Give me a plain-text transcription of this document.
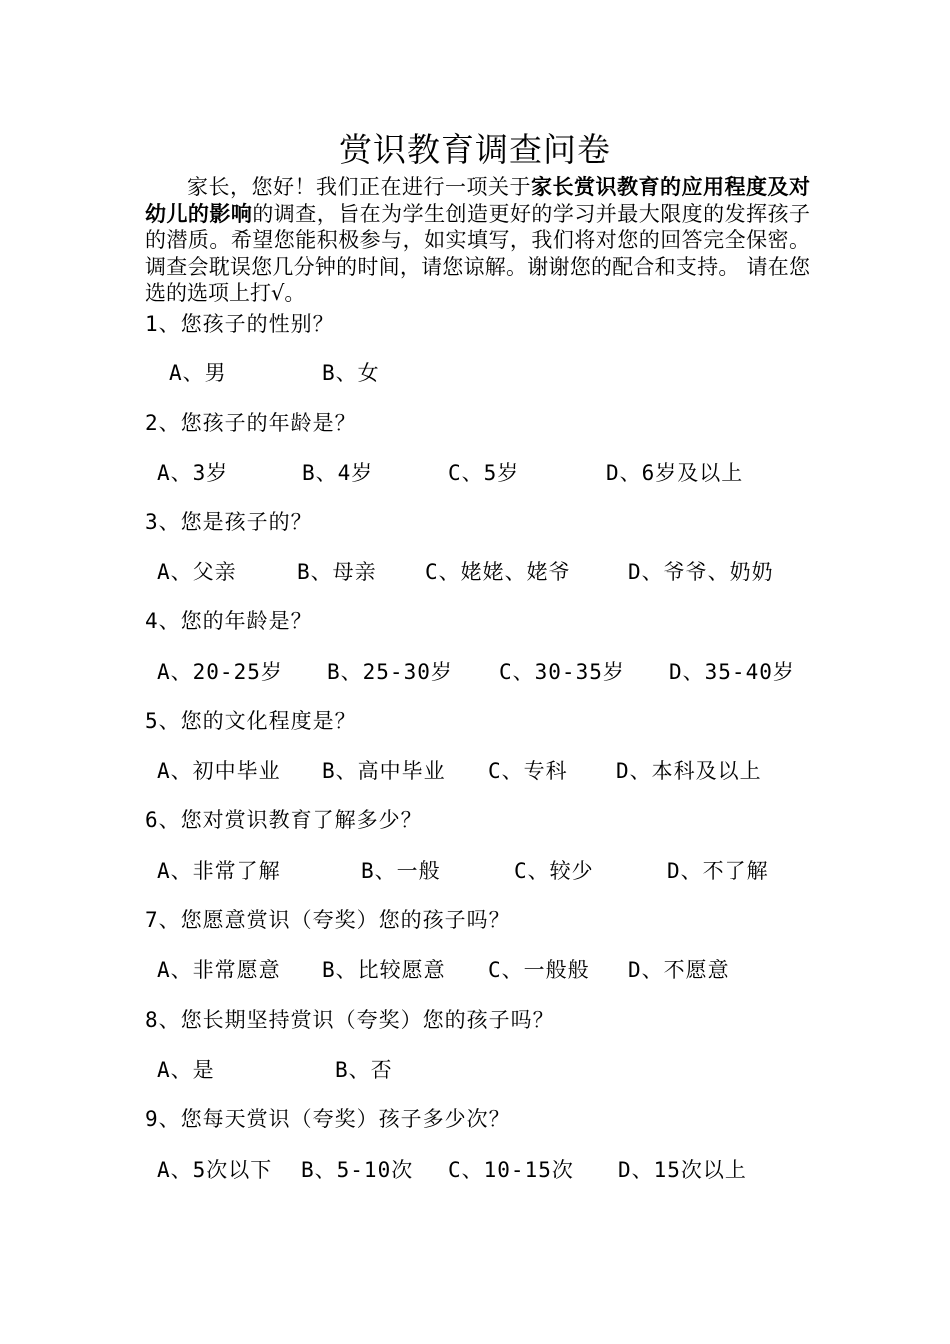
赏识教育调查问卷
家长，您好！我们正在进行一项关于家长赏识教育的应用程度及对幼儿的影响的调查，旨在为学生创造更好的学习并最大限度的发挥孩子的潜质。希望您能积极参与，如实填写，我们将对您的回答完全保密。调查会耽误您几分钟的时间，请您谅解。谢谢您的配合和支持。 请在您选的选项上打√。
1、您孩子的性别？
A、男	B、女
2、您孩子的年龄是？
A、3岁	B、4岁	C、5岁	D、6岁及以上
3、您是孩子的？
A、父亲	B、母亲 C、姥姥、姥爷	D、爷爷、奶奶
4、您的年龄是？
A、20-25岁 B、25-30岁 C、30-35岁 D、35-40岁
5、您的文化程度是？
A、初中毕业 B、高中毕业 C、专科 D、本科及以上
6、您对赏识教育了解多少？
A、非常了解	B、一般	C、较少	D、不了解
7、您愿意赏识（夸奖）您的孩子吗？
A、非常愿意 B、比较愿意 C、一般般 D、不愿意
8、您长期坚持赏识（夸奖）您的孩子吗？
A、是	B、否
9、您每天赏识（夸奖）孩子多少次？
A、5次以下 B、5-10次 C、10-15次 D、15次以上
